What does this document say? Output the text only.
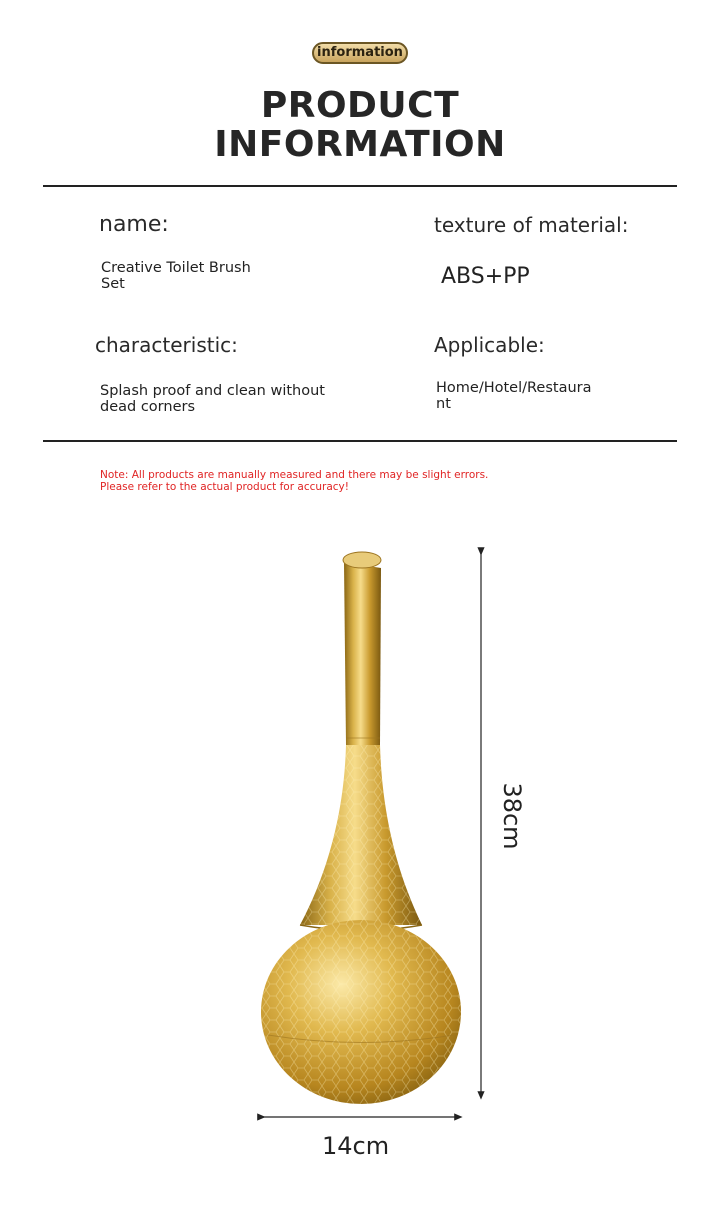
information
PRODUCT
INFORMATION
name:
Creative Toilet Brush
Set
texture of material:
ABS+PP
characteristic:
Splash proof and clean without
dead corners
Applicable:
Home/Hotel/Restaura
nt
Note: All products are manually measured and there may be slight errors.
Please refer to the actual product for accuracy!
38cm
14cm
